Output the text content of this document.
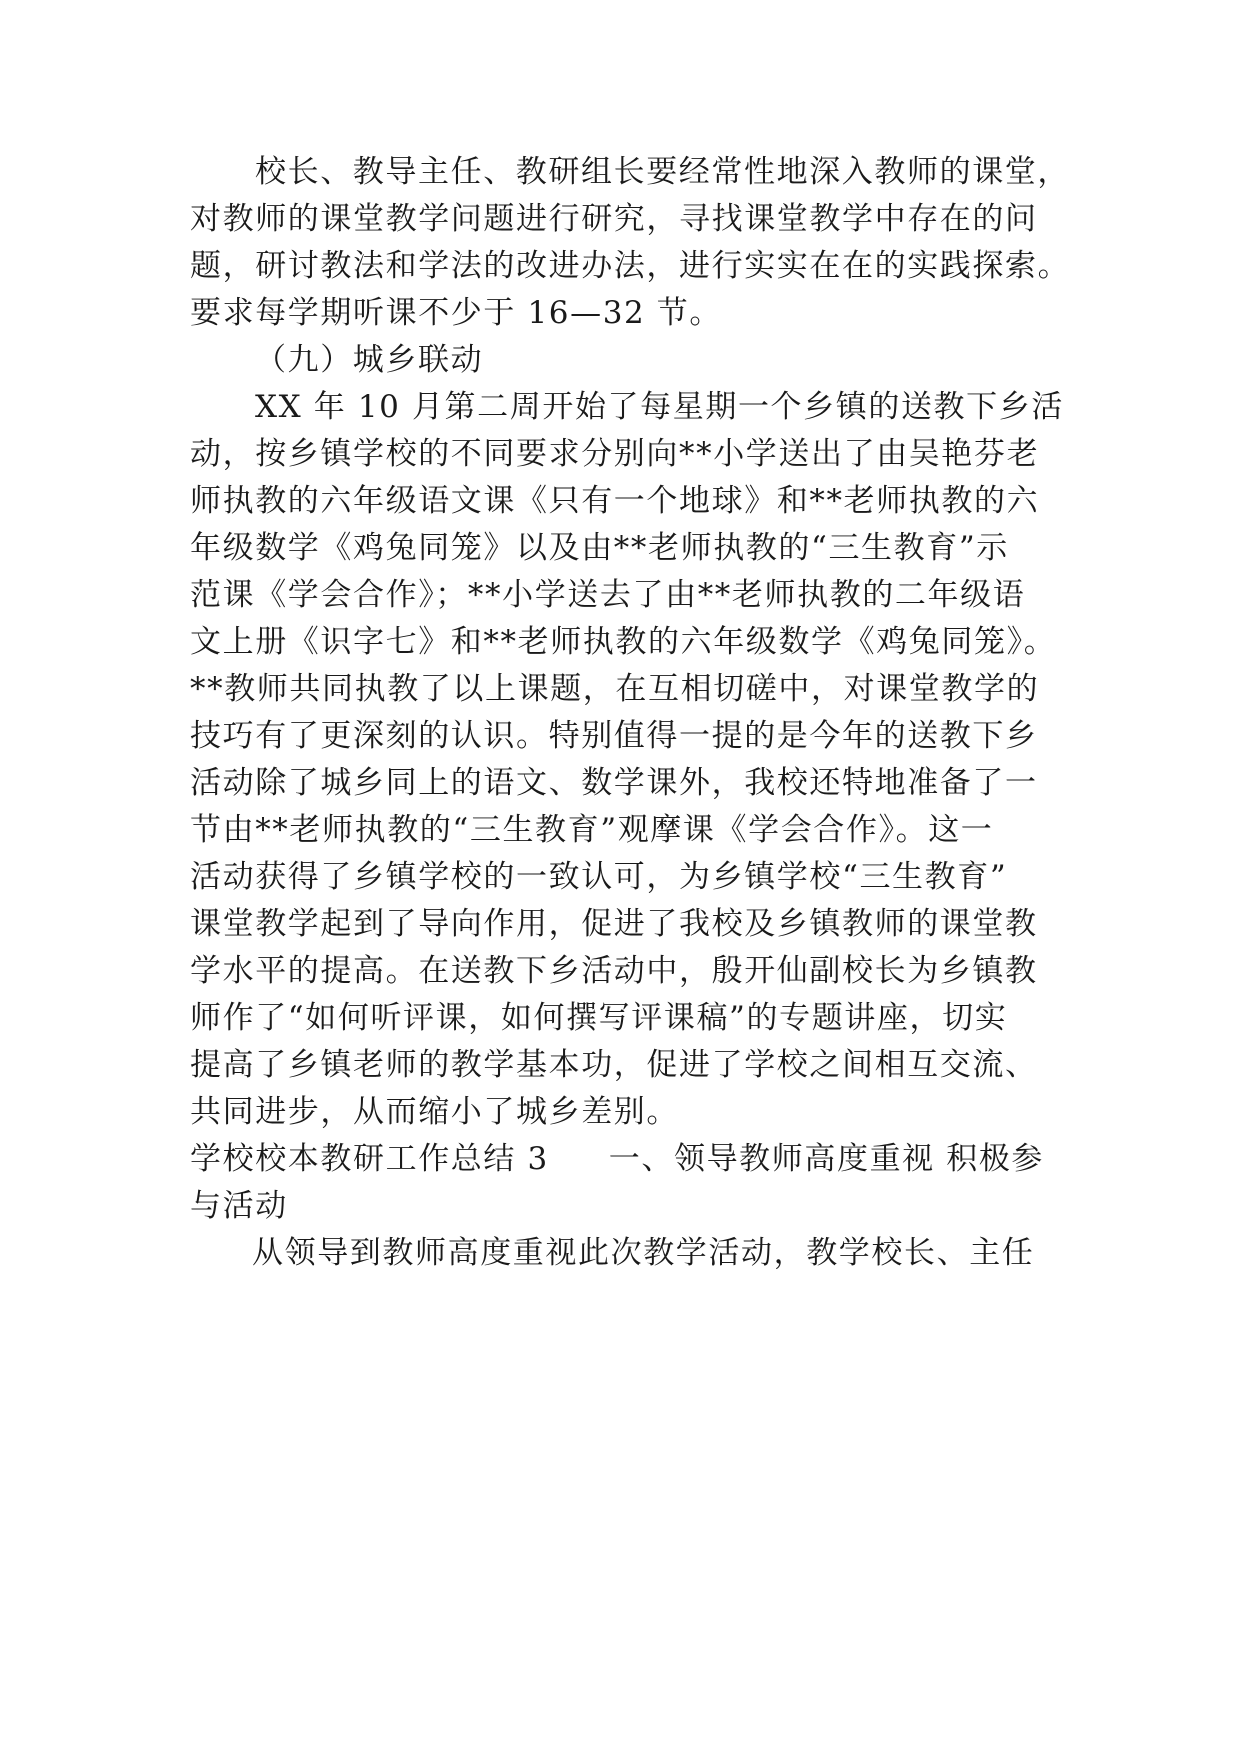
校长、教导主任、教研组长要经常性地深入教师的课堂，
对教师的课堂教学问题进行研究，寻找课堂教学中存在的问
题，研讨教法和学法的改进办法，进行实实在在的实践探索。
要求每学期听课不少于 16—32 节。
（九）城乡联动
XX 年 10 月第二周开始了每星期一个乡镇的送教下乡活
动，按乡镇学校的不同要求分别向**小学送出了由吴艳芬老
师执教的六年级语文课《只有一个地球》和**老师执教的六
年级数学《鸡兔同笼》以及由**老师执教的“三生教育”示
范课《学会合作》；**小学送去了由**老师执教的二年级语
文上册《识字七》和**老师执教的六年级数学《鸡兔同笼》。
**教师共同执教了以上课题，在互相切磋中，对课堂教学的
技巧有了更深刻的认识。特别值得一提的是今年的送教下乡
活动除了城乡同上的语文、数学课外，我校还特地准备了一
节由**老师执教的“三生教育”观摩课《学会合作》。这一
活动获得了乡镇学校的一致认可，为乡镇学校“三生教育”
课堂教学起到了导向作用，促进了我校及乡镇教师的课堂教
学水平的提高。在送教下乡活动中，殷开仙副校长为乡镇教
师作了“如何听评课，如何撰写评课稿”的专题讲座，切实
提高了乡镇老师的教学基本功，促进了学校之间相互交流、
共同进步，从而缩小了城乡差别。
学校校本教研工作总结 3 一、领导教师高度重视 积极参
与活动
从领导到教师高度重视此次教学活动，教学校长、主任
